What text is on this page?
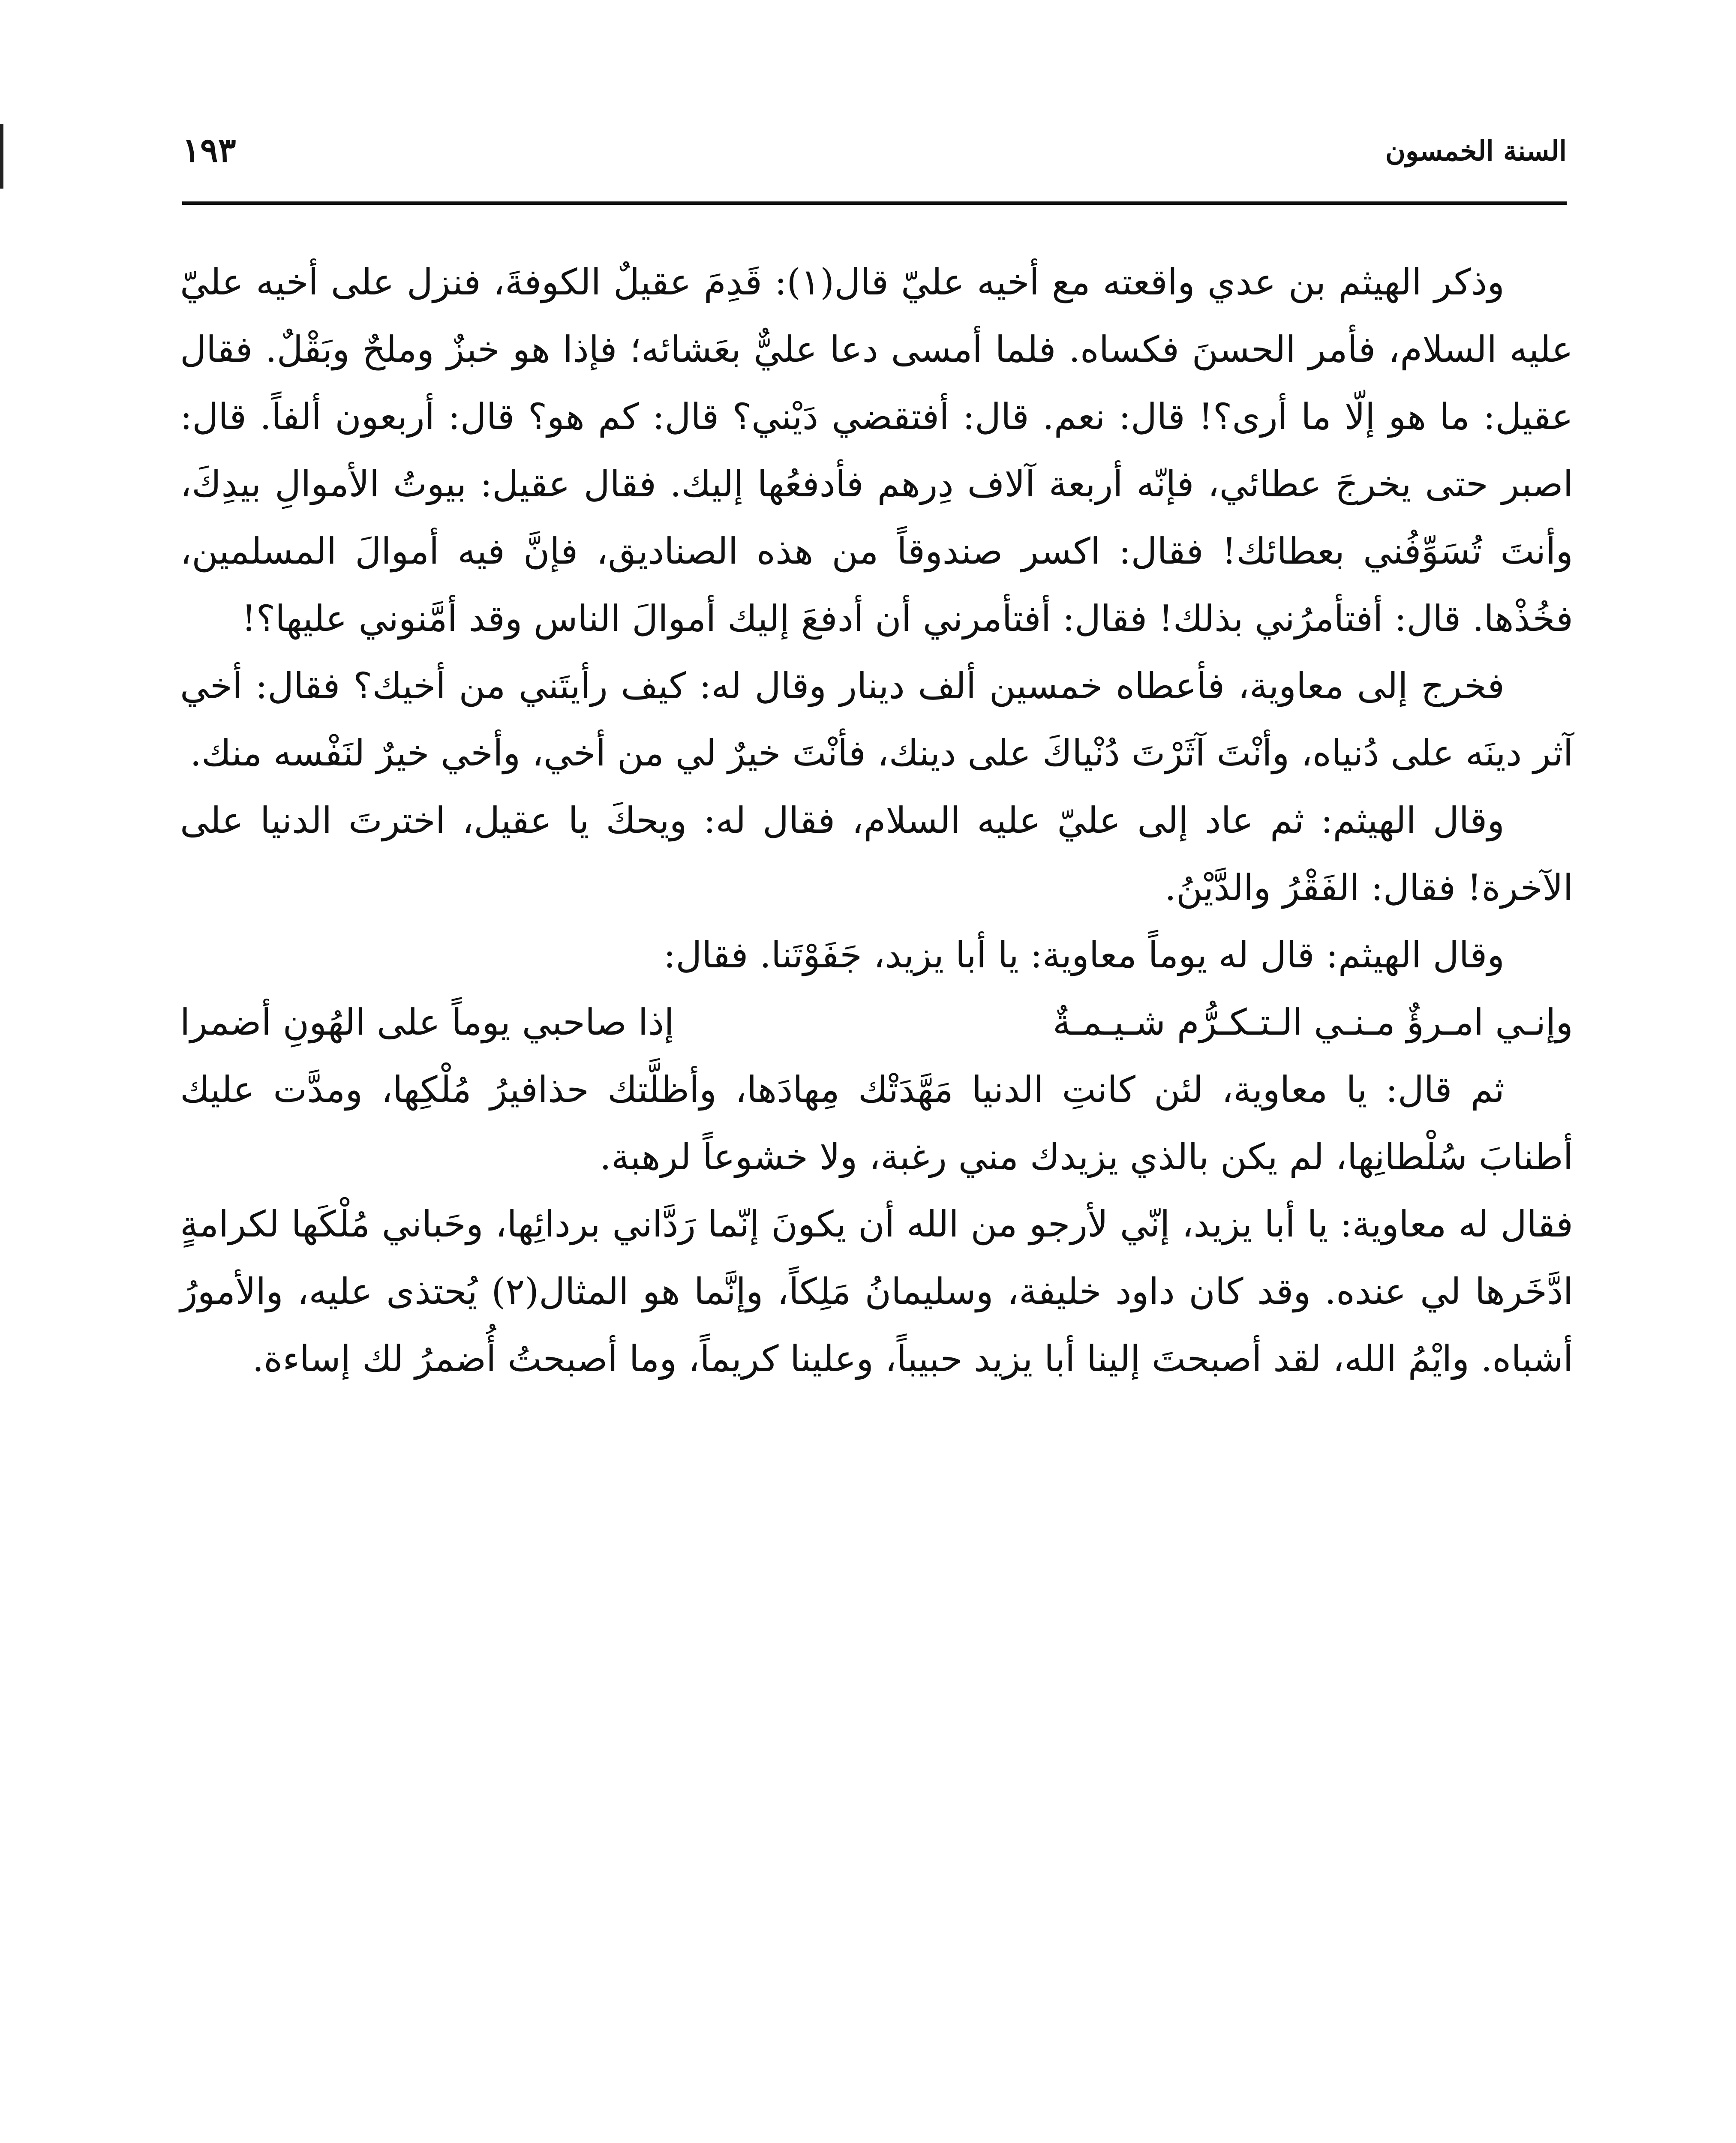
السنة الخمسون
١٩٣

وذكر الهيثم بن عدي واقعته مع أخيه عليّ قال(١): قَدِمَ عقيلٌ الكوفةَ، فنزل على أخيه عليّ عليه السلام، فأمر الحسنَ فكساه. فلما أمسى دعا عليٌّ بعَشائه؛ فإذا هو خبزٌ وملحٌ وبَقْلٌ. فقال عقيل: ما هو إلّا ما أرى؟! قال: نعم. قال: أفتقضي دَيْني؟ قال: كم هو؟ قال: أربعون ألفاً. قال: اصبر حتى يخرجَ عطائي، فإنّه أربعة آلاف دِرهم فأدفعُها إليك. فقال عقيل: بيوتُ الأموالِ بيدِكَ، وأنتَ تُسَوِّفُني بعطائك! فقال: اكسر صندوقاً من هذه الصناديق، فإنَّ فيه أموالَ المسلمين، فخُذْها. قال: أفتأمرُني بذلك! فقال: أفتأمرني أن أدفعَ إليك أموالَ الناس وقد أمَّنوني عليها؟!

فخرج إلى معاوية، فأعطاه خمسين ألف دينار وقال له: كيف رأيتَني من أخيك؟ فقال: أخي آثر دينَه على دُنياه، وأنْتَ آثَرْتَ دُنْياكَ على دينك، فأنْتَ خيرٌ لي من أخي، وأخي خيرٌ لنَفْسه منك.

وقال الهيثم: ثم عاد إلى عليّ عليه السلام، فقال له: ويحكَ يا عقيل، اخترتَ الدنيا على الآخرة! فقال: الفَقْرُ والدَّيْنُ.

وقال الهيثم: قال له يوماً معاوية: يا أبا يزيد، جَفَوْتَنا. فقال:

وإنـي امـرؤٌ مـنـي الـتـكـرُّم شـيـمـةٌ
إذا صاحبي يوماً على الهُونِ أضمرا

ثم قال: يا معاوية، لئن كانتِ الدنيا مَهَّدَتْك مِهادَها، وأظلَّتك حذافيرُ مُلْكِها، ومدَّت عليك أطنابَ سُلْطانِها، لم يكن بالذي يزيدك مني رغبة، ولا خشوعاً لرهبة.

فقال له معاوية: يا أبا يزيد، إنّي لأرجو من الله أن يكونَ إنّما رَدَّاني بردائِها، وحَباني مُلْكَها لكرامةٍ ادَّخَرها لي عنده. وقد كان داود خليفة، وسليمانُ مَلِكاً، وإنَّما هو المثال(٢) يُحتذى عليه، والأمورُ أشباه. وايْمُ الله، لقد أصبحتَ إلينا أبا يزيد حبيباً، وعلينا كريماً، وما أصبحتُ أُضمرُ لك إساءة.
